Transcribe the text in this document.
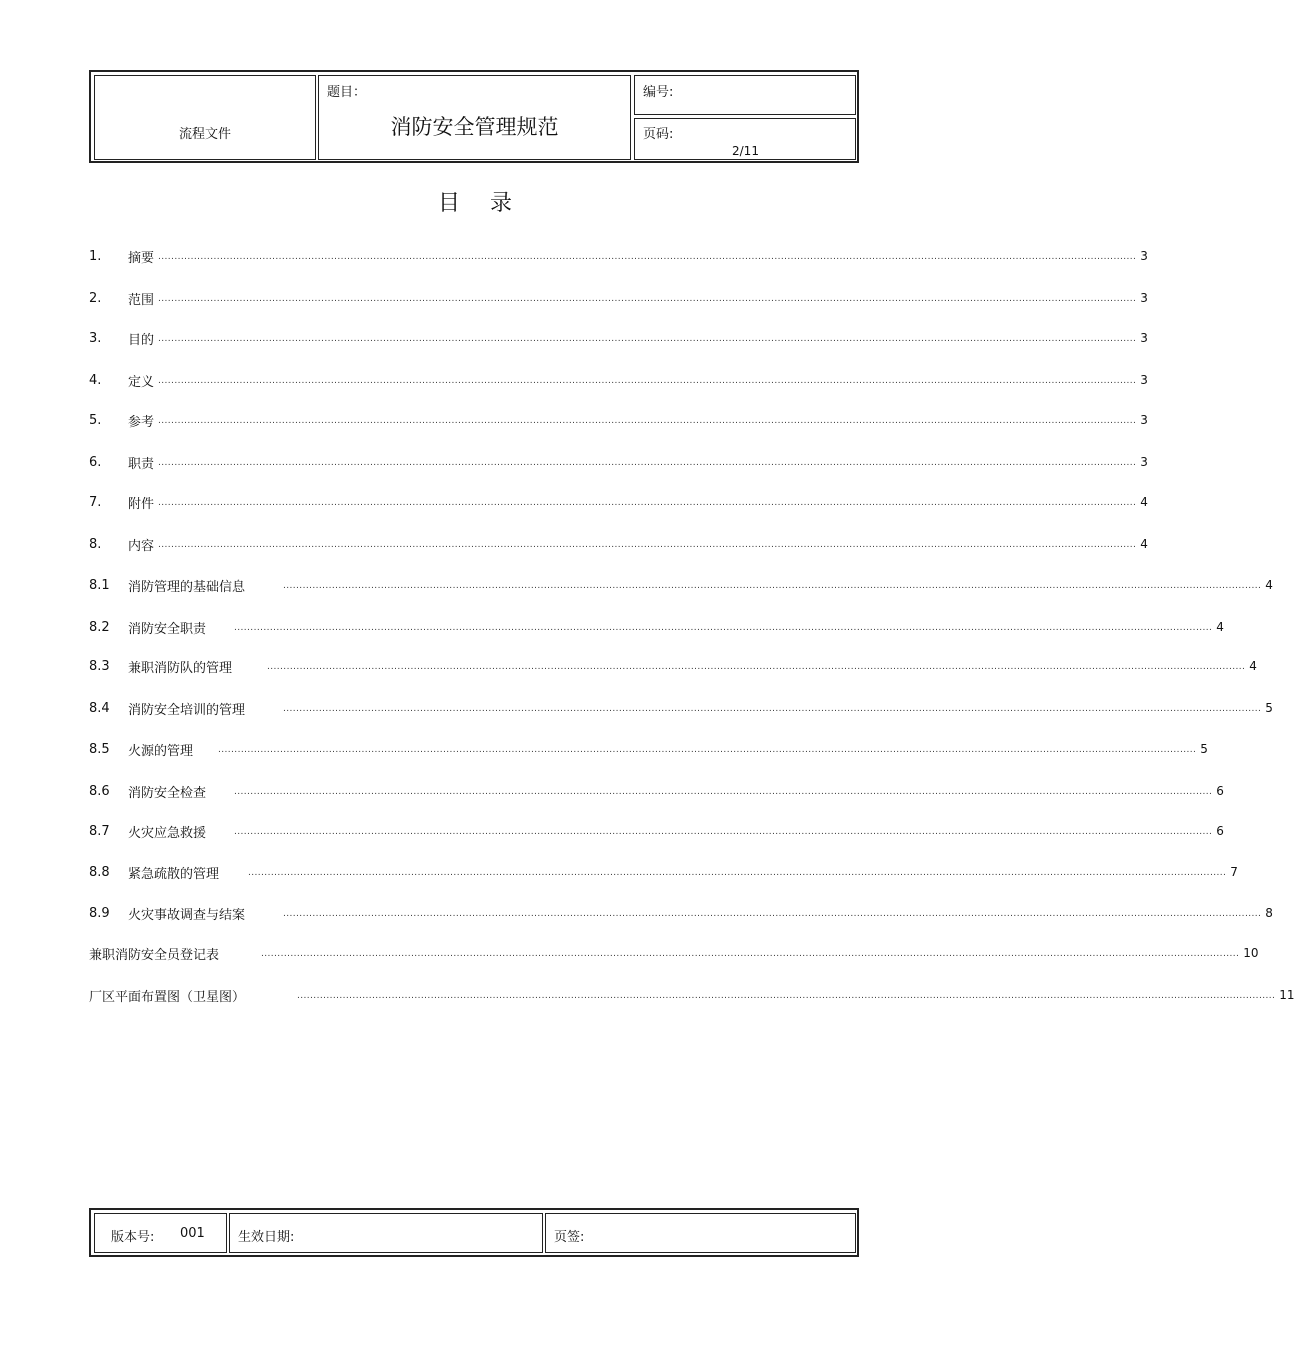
流程文件
题目：
消防安全管理规范
编号:
页码:
2/11
目录
1.	摘要 ............................................................................................................................................................................................................................................................................................................ 3
2.	范围 ............................................................................................................................................................................................................................................................................................................ 3
3.	目的 ............................................................................................................................................................................................................................................................................................................ 3
4.	定义 ............................................................................................................................................................................................................................................................................................................ 3
5.	参考 ............................................................................................................................................................................................................................................................................................................ 3
6.	职责 ............................................................................................................................................................................................................................................................................................................ 3
7.	附件 ............................................................................................................................................................................................................................................................................................................ 4
8.	内容 ............................................................................................................................................................................................................................................................................................................ 4
8.1	消防管理的基础信息	............................................................................................................................................................................................................................................................................................................ 4
8.2	消防安全职责	............................................................................................................................................................................................................................................................................................................ 4
8.3	兼职消防队的管理	............................................................................................................................................................................................................................................................................................................ 4
8.4	消防安全培训的管理	............................................................................................................................................................................................................................................................................................................ 5
8.5	火源的管理	............................................................................................................................................................................................................................................................................................................ 5
8.6	消防安全检查	............................................................................................................................................................................................................................................................................................................ 6
8.7	火灾应急救援	............................................................................................................................................................................................................................................................................................................ 6
8.8	紧急疏散的管理	............................................................................................................................................................................................................................................................................................................ 7
8.9	火灾事故调查与结案	............................................................................................................................................................................................................................................................................................................ 8
兼职消防安全员登记表	............................................................................................................................................................................................................................................................................................................ 10
厂区平面布置图（卫星图）	............................................................................................................................................................................................................................................................................................................ 11
版本号: 001	生效日期:	页签:
